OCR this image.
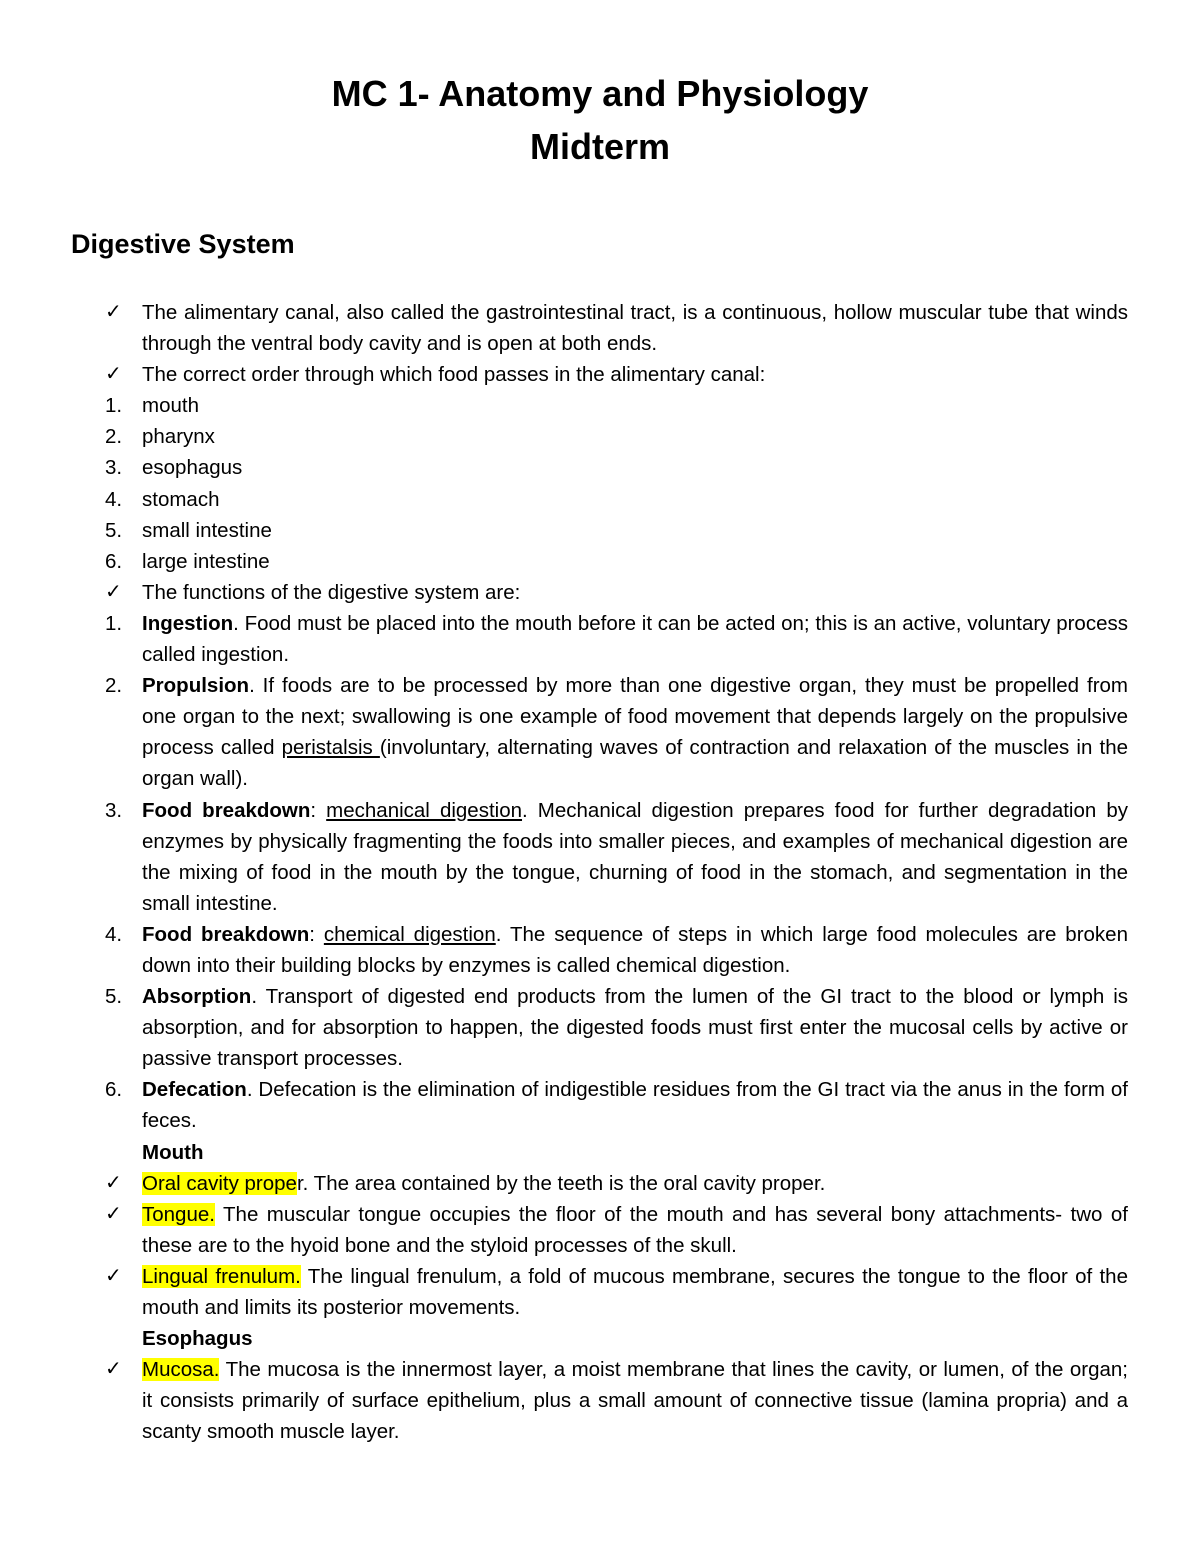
MC 1- Anatomy and Physiology
Midterm
Digestive System
✓ The alimentary canal, also called the gastrointestinal tract, is a continuous, hollow muscular tube that winds through the ventral body cavity and is open at both ends.
✓ The correct order through which food passes in the alimentary canal:
1. mouth
2. pharynx
3. esophagus
4. stomach
5. small intestine
6. large intestine
✓ The functions of the digestive system are:
1. Ingestion. Food must be placed into the mouth before it can be acted on; this is an active, voluntary process called ingestion.
2. Propulsion. If foods are to be processed by more than one digestive organ, they must be propelled from one organ to the next; swallowing is one example of food movement that depends largely on the propulsive process called peristalsis (involuntary, alternating waves of contraction and relaxation of the muscles in the organ wall).
3. Food breakdown: mechanical digestion. Mechanical digestion prepares food for further degradation by enzymes by physically fragmenting the foods into smaller pieces, and examples of mechanical digestion are the mixing of food in the mouth by the tongue, churning of food in the stomach, and segmentation in the small intestine.
4. Food breakdown: chemical digestion. The sequence of steps in which large food molecules are broken down into their building blocks by enzymes is called chemical digestion.
5. Absorption. Transport of digested end products from the lumen of the GI tract to the blood or lymph is absorption, and for absorption to happen, the digested foods must first enter the mucosal cells by active or passive transport processes.
6. Defecation. Defecation is the elimination of indigestible residues from the GI tract via the anus in the form of feces.
Mouth
✓ Oral cavity proper. The area contained by the teeth is the oral cavity proper.
✓ Tongue. The muscular tongue occupies the floor of the mouth and has several bony attachments- two of these are to the hyoid bone and the styloid processes of the skull.
✓ Lingual frenulum. The lingual frenulum, a fold of mucous membrane, secures the tongue to the floor of the mouth and limits its posterior movements.
Esophagus
✓ Mucosa. The mucosa is the innermost layer, a moist membrane that lines the cavity, or lumen, of the organ; it consists primarily of surface epithelium, plus a small amount of connective tissue (lamina propria) and a scanty smooth muscle layer.
